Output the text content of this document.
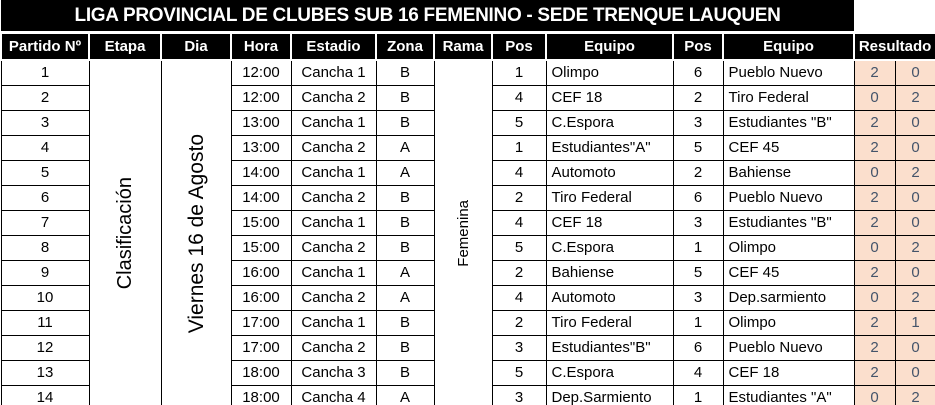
LIGA PROVINCIAL DE CLUBES SUB 16 FEMENINO - SEDE TRENQUE LAUQUEN												
Partido Nº	Etapa	Dia	Hora	Estadio	Zona	Rama	Pos	Equipo	Pos	Equipo	Resultado	
1	Clasificación	Viernes 16 de Agosto	12:00	Cancha 1	B	Femenina	1	Olimpo	6	Pueblo Nuevo	2	0
2			12:00	Cancha 2	B		4	CEF 18	2	Tiro Federal	0	2
3			13:00	Cancha 1	B		5	C.Espora	3	Estudiantes "B"	2	0
4			13:00	Cancha 2	A		1	Estudiantes"A"	5	CEF 45	2	0
5			14:00	Cancha 1	A		4	Automoto	2	Bahiense	0	2
6			14:00	Cancha 2	B		2	Tiro Federal	6	Pueblo Nuevo	2	0
7			15:00	Cancha 1	B		4	CEF 18	3	Estudiantes "B"	2	0
8			15:00	Cancha 2	B		5	C.Espora	1	Olimpo	0	2
9			16:00	Cancha 1	A		2	Bahiense	5	CEF 45	2	0
10			16:00	Cancha 2	A		4	Automoto	3	Dep.sarmiento	0	2
11			17:00	Cancha 1	B		2	Tiro Federal	1	Olimpo	2	1
12			17:00	Cancha 2	B		3	Estudiantes"B"	6	Pueblo Nuevo	2	0
13			18:00	Cancha 3	B		5	C.Espora	4	CEF 18	2	0
14			18:00	Cancha 4	A		3	Dep.Sarmiento	1	Estudiantes "A"	0	2
